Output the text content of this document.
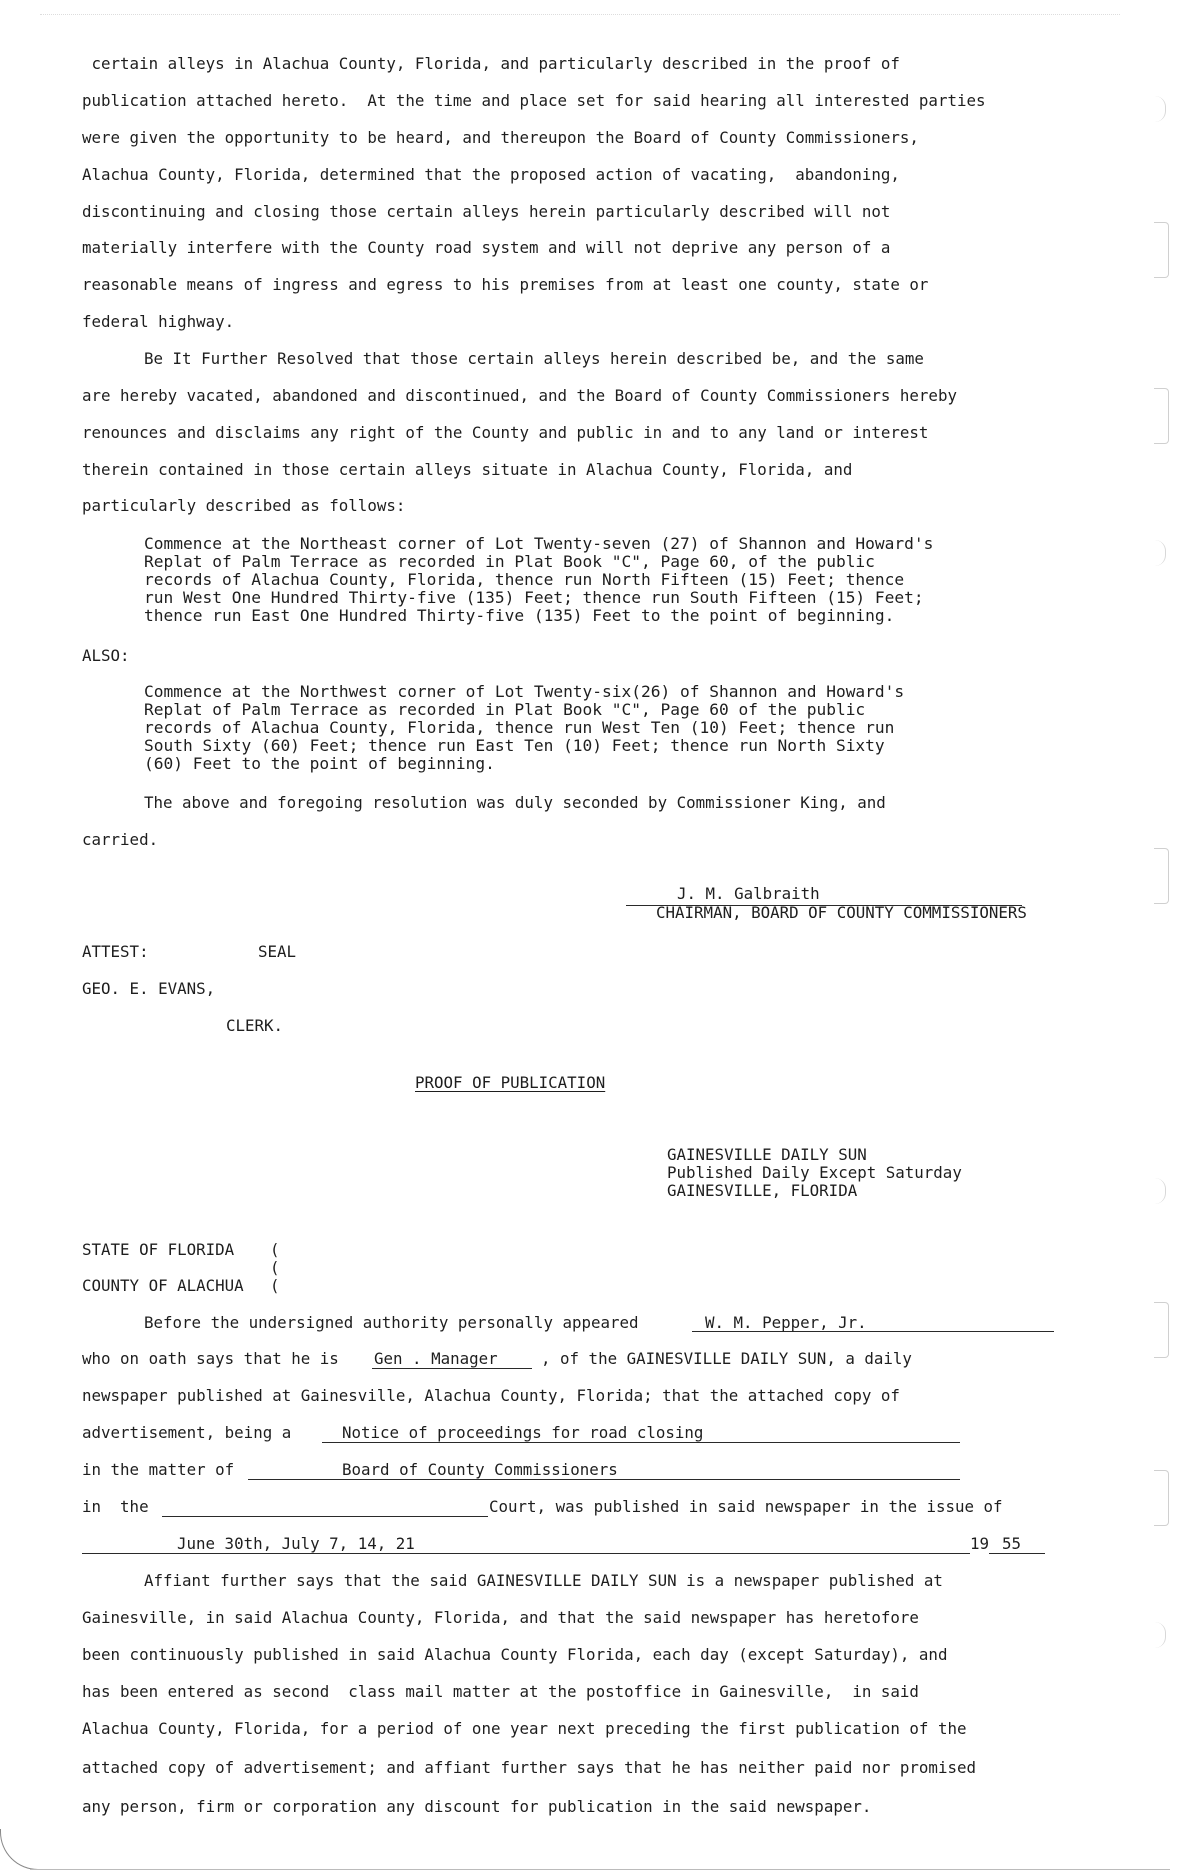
certain alleys in Alachua County, Florida, and particularly described in the proof of

publication attached hereto.  At the time and place set for said hearing all interested parties

were given the opportunity to be heard, and thereupon the Board of County Commissioners,

Alachua County, Florida, determined that the proposed action of vacating,  abandoning,

discontinuing and closing those certain alleys herein particularly described will not

materially interfere with the County road system and will not deprive any person of a

reasonable means of ingress and egress to his premises from at least one county, state or

federal highway.

Be It Further Resolved that those certain alleys herein described be, and the same

are hereby vacated, abandoned and discontinued, and the Board of County Commissioners hereby

renounces and disclaims any right of the County and public in and to any land or interest

therein contained in those certain alleys situate in Alachua County, Florida, and

particularly described as follows:

Commence at the Northeast corner of Lot Twenty-seven (27) of Shannon and Howard's
Replat of Palm Terrace as recorded in Plat Book "C", Page 60, of the public
records of Alachua County, Florida, thence run North Fifteen (15) Feet; thence
run West One Hundred Thirty-five (135) Feet; thence run South Fifteen (15) Feet;
thence run East One Hundred Thirty-five (135) Feet to the point of beginning.

ALSO:

Commence at the Northwest corner of Lot Twenty-six(26) of Shannon and Howard's
Replat of Palm Terrace as recorded in Plat Book "C", Page 60 of the public
records of Alachua County, Florida, thence run West Ten (10) Feet; thence run
South Sixty (60) Feet; thence run East Ten (10) Feet; thence run North Sixty
(60) Feet to the point of beginning.

The above and foregoing resolution was duly seconded by Commissioner King, and

carried.

J. M. Galbraith
CHAIRMAN, BOARD OF COUNTY COMMISSIONERS

ATTEST:	SEAL

GEO. E. EVANS,

CLERK.

PROOF OF PUBLICATION

GAINESVILLE DAILY SUN

Published Daily Except Saturday

GAINESVILLE, FLORIDA

STATE OF FLORIDA

COUNTY OF ALACHUA

(
(
(

Before the undersigned authority personally appeared	W. M. Pepper, Jr.

who on oath says that he is Gen . Manager	, of the GAINESVILLE DAILY SUN, a daily

newspaper published at Gainesville, Alachua County, Florida; that the attached copy of

advertisement, being a	Notice of proceedings for road closing

in the matter of	Board of County Commissioners

in  the	Court, was published in said newspaper in the issue of
June 30th, July 7, 14, 21	19 55

Affiant further says that the said GAINESVILLE DAILY SUN is a newspaper published at

Gainesville, in said Alachua County, Florida, and that the said newspaper has heretofore

been continuously published in said Alachua County Florida, each day (except Saturday), and

has been entered as second  class mail matter at the postoffice in Gainesville,  in said

Alachua County, Florida, for a period of one year next preceding the first publication of the

attached copy of advertisement; and affiant further says that he has neither paid nor promised

any person, firm or corporation any discount for publication in the said newspaper.
